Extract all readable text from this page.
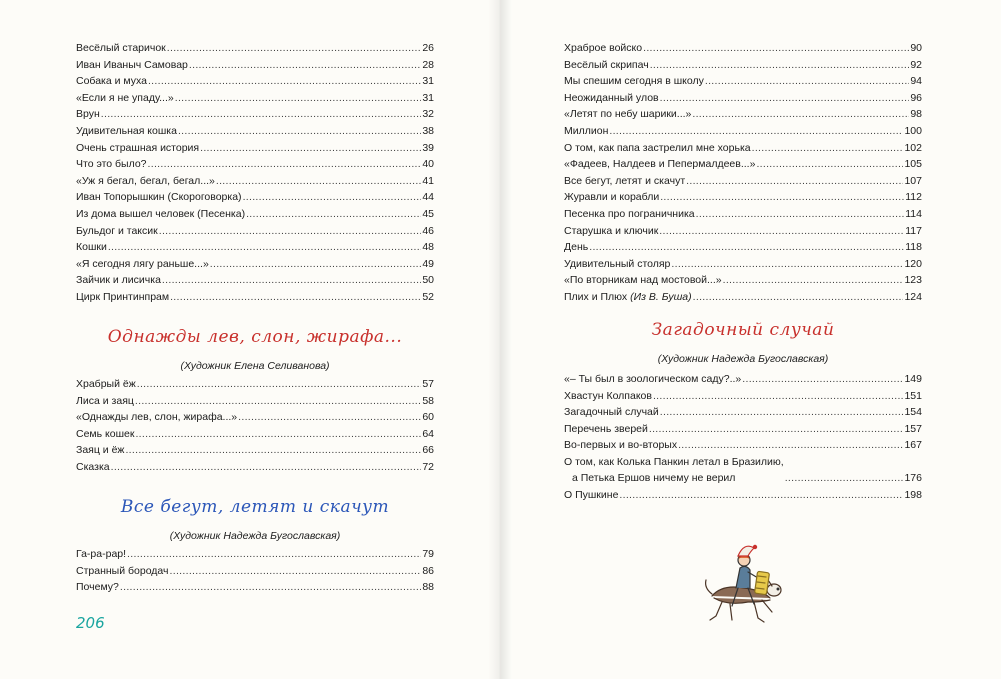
Весёлый старичок .....	26
Иван Иваныч Самовар .....	28
Собака и муха .....	31
«Если я не упаду...» .....	31
Врун .....	32
Удивительная кошка .....	38
Очень страшная история .....	39
Что это было? .....	40
«Уж я бегал, бегал, бегал...» .....	41
Иван Топорышкин (Скороговорка) .....	44
Из дома вышел человек (Песенка) .....	45
Бульдог и таксик .....	46
Кошки .....	48
«Я сегодня лягу раньше...» .....	49
Зайчик и лисичка .....	50
Цирк Принтинпрам .....	52

Однажды лев, слон, жирафа...

(Художник Елена Селиванова)

Храбрый ёж .....	57
Лиса и заяц .....	58
«Однажды лев, слон, жирафа...» .....	60
Семь кошек .....	64
Заяц и ёж .....	66
Сказка .....	72

Все бегут, летят и скачут

(Художник Надежда Бугославская)

Га-ра-рар! .....	79
Странный бородач .....	86
Почему? .....	88
206
Храброе войско .....	90
Весёлый скрипач .....	92
Мы спешим сегодня в школу .....	94
Неожиданный улов .....	96
«Летят по небу шарики...» .....	98
Миллион .....	100
О том, как папа застрелил мне хорька .....	102
«Фадеев, Налдеев и Пепермалдеев...» .....	105
Все бегут, летят и скачут .....	107
Журавли и корабли .....	112
Песенка про пограничника .....	114
Старушка и ключик .....	117
День .....	118
Удивительный столяр .....	120
«По вторникам над мостовой...» .....	123
Плих и Плюх (Из В. Буша) .....	124

Загадочный случай

(Художник Надежда Бугославская)

«– Ты был в зоологическом саду?..» .....	149
Хвастун Колпаков .....	151
Загадочный случай .....	154
Перечень зверей .....	157
Во-первых и во-вторых .....	167
О том, как Колька Панкин летал в Бразилию,
а Петька Ершов ничему не верил .....	176
О Пушкине .....	198
